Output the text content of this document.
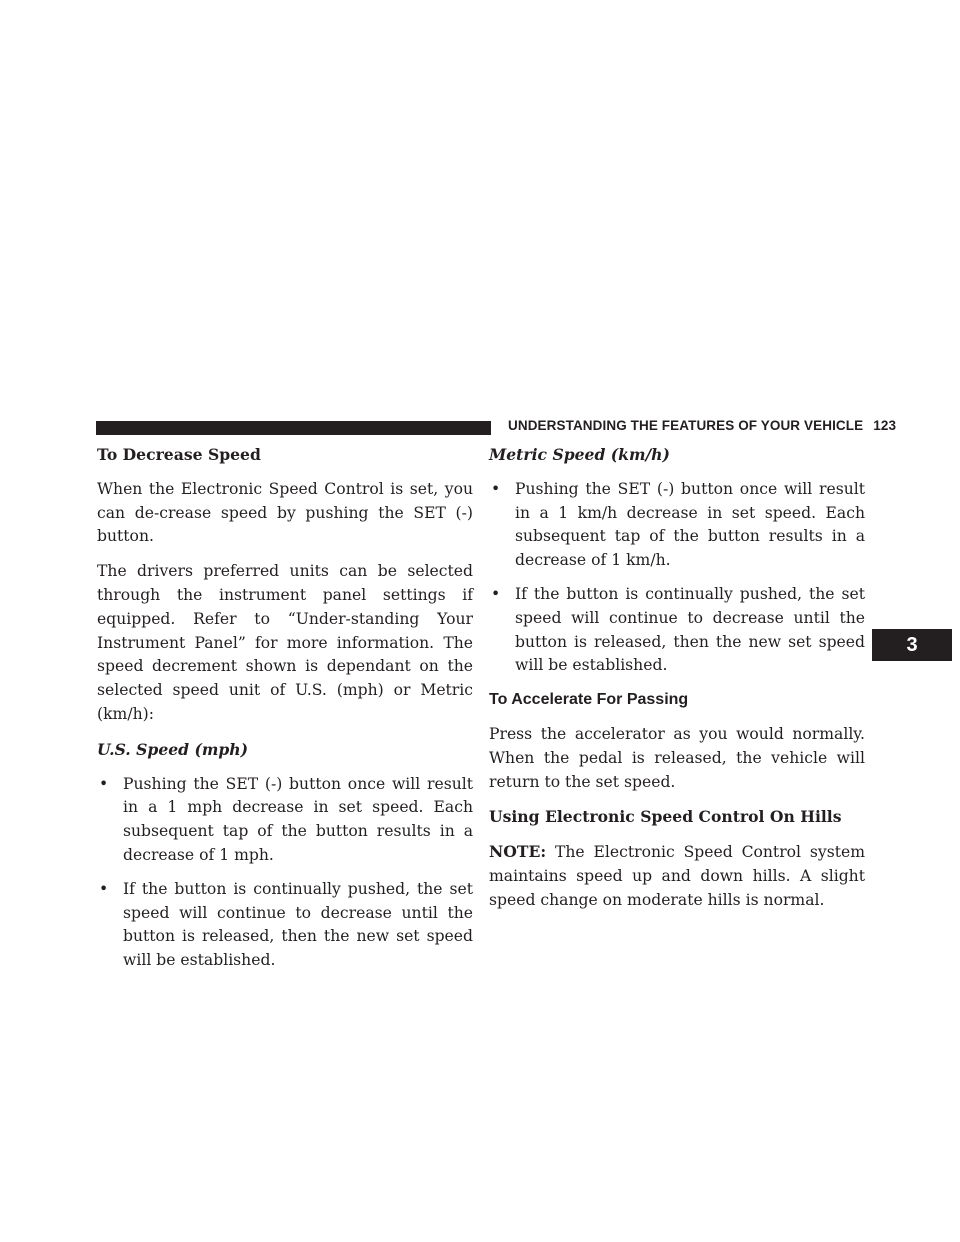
UNDERSTANDING THE FEATURES OF YOUR VEHICLE 123
3

To Decrease Speed

When the Electronic Speed Control is set, you can de-crease speed by pushing the SET (-) button.

The drivers preferred units can be selected through the instrument panel settings if equipped. Refer to “Under-standing Your Instrument Panel” for more information. The speed decrement shown is dependant on the selected speed unit of U.S. (mph) or Metric (km/h):

U.S. Speed (mph)

• Pushing the SET (-) button once will result in a 1 mph decrease in set speed. Each subsequent tap of the button results in a decrease of 1 mph.
• If the button is continually pushed, the set speed will continue to decrease until the button is released, then the new set speed will be established.

Metric Speed (km/h)

• Pushing the SET (-) button once will result in a 1 km/h decrease in set speed. Each subsequent tap of the button results in a decrease of 1 km/h.
• If the button is continually pushed, the set speed will continue to decrease until the button is released, then the new set speed will be established.

To Accelerate For Passing

Press the accelerator as you would normally. When the pedal is released, the vehicle will return to the set speed.

Using Electronic Speed Control On Hills

NOTE: The Electronic Speed Control system maintains speed up and down hills. A slight speed change on moderate hills is normal.
